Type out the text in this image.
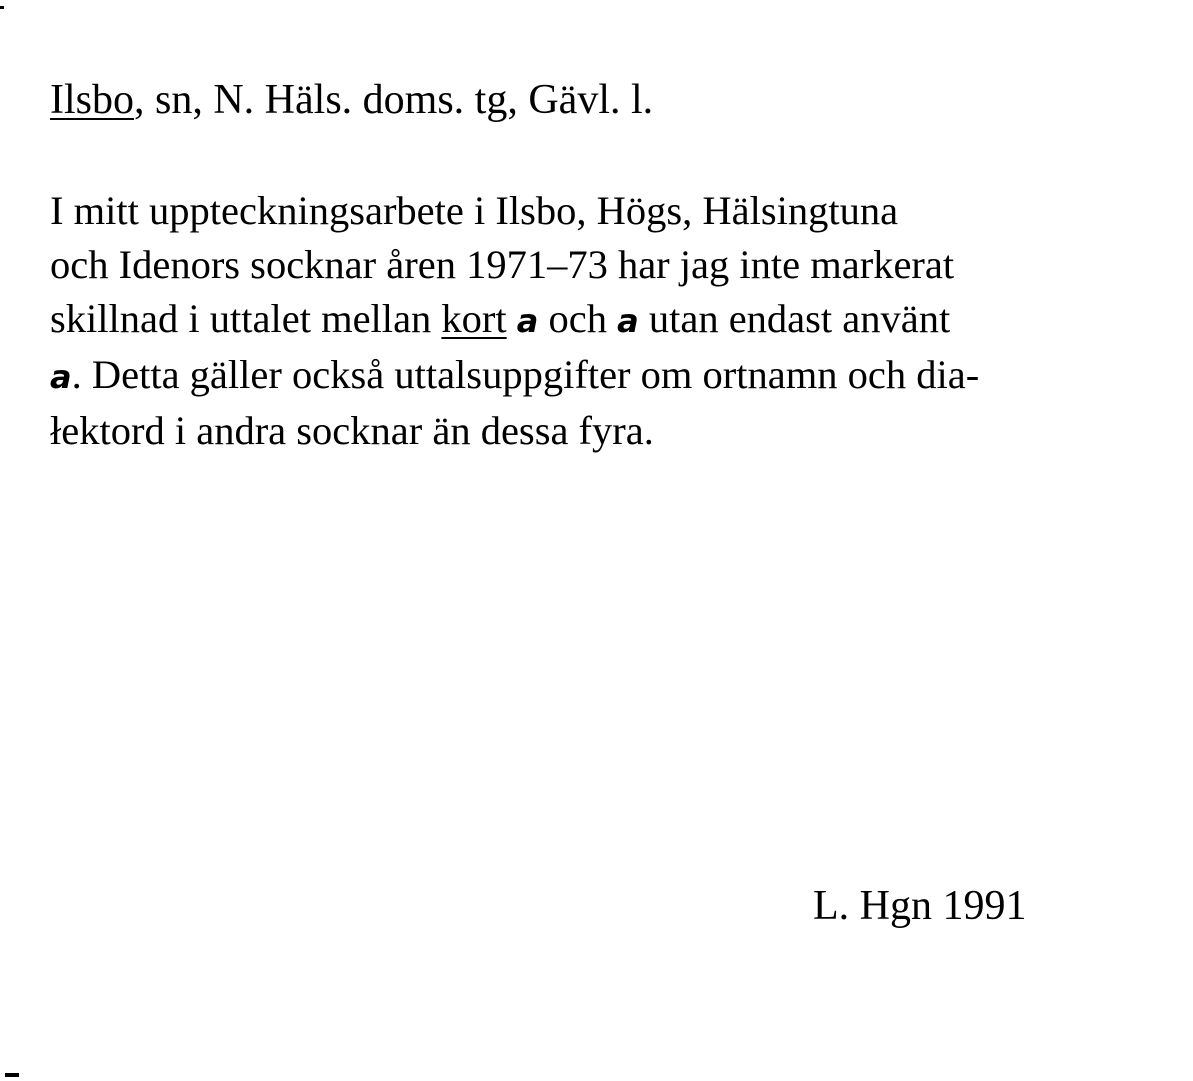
Ilsbo, sn, N. Häls. doms. tg, Gävl. l.
I mitt uppteckningsarbete i Ilsbo, Högs, Hälsingtuna
och Idenors socknar åren 1971–73 har jag inte markerat
skillnad i uttalet mellan kort a och a utan endast använt
a. Detta gäller också uttalsuppgifter om ortnamn och dia-
łektord i andra socknar än dessa fyra.
L. Hgn 1991
